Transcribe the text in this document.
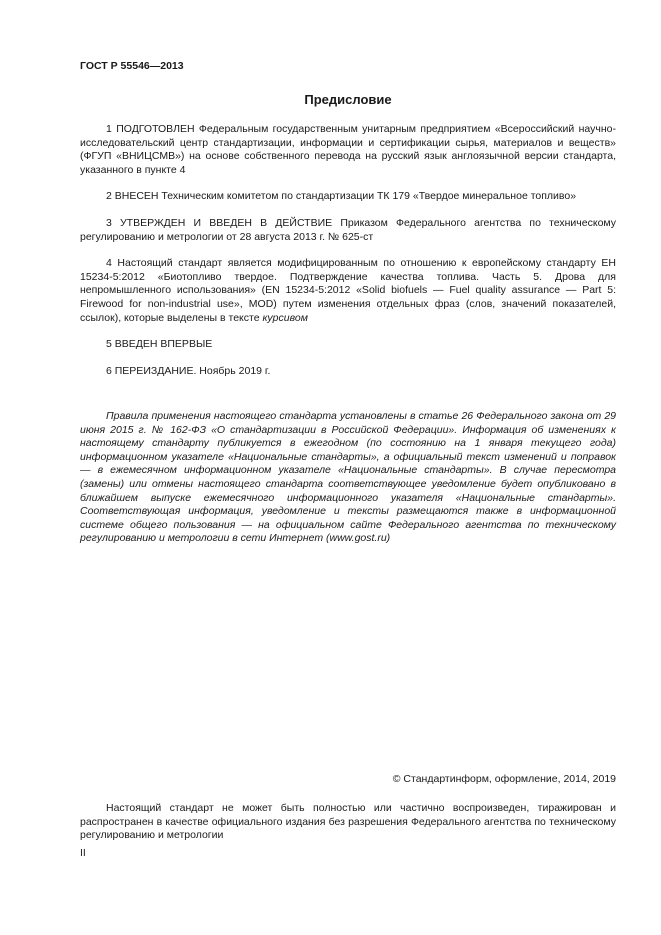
ГОСТ Р 55546—2013
Предисловие

1 ПОДГОТОВЛЕН Федеральным государственным унитарным предприятием «Всероссийский научно-исследовательский центр стандартизации, информации и сертификации сырья, материалов и веществ» (ФГУП «ВНИЦСМВ») на основе собственного перевода на русский язык англоязычной версии стандарта, указанного в пункте 4

2 ВНЕСЕН Техническим комитетом по стандартизации ТК 179 «Твердое минеральное топливо»

3 УТВЕРЖДЕН И ВВЕДЕН В ДЕЙСТВИЕ Приказом Федерального агентства по техническому регулированию и метрологии от 28 августа 2013 г. № 625-ст

4 Настоящий стандарт является модифицированным по отношению к европейскому стандарту ЕН 15234-5:2012 «Биотопливо твердое. Подтверждение качества топлива. Часть 5. Дрова для непромышленного использования» (EN 15234-5:2012 «Solid biofuels — Fuel quality assurance — Part 5: Firewood for non-industrial use», MOD) путем изменения отдельных фраз (слов, значений показателей, ссылок), которые выделены в тексте курсивом

5 ВВЕДЕН ВПЕРВЫЕ

6 ПЕРЕИЗДАНИЕ. Ноябрь 2019 г.

Правила применения настоящего стандарта установлены в статье 26 Федерального закона от 29 июня 2015 г. № 162-ФЗ «О стандартизации в Российской Федерации». Информация об изменениях к настоящему стандарту публикуется в ежегодном (по состоянию на 1 января текущего года) информационном указателе «Национальные стандарты», а официальный текст изменений и поправок — в ежемесячном информационном указателе «Национальные стандарты». В случае пересмотра (замены) или отмены настоящего стандарта соответствующее уведомление будет опубликовано в ближайшем выпуске ежемесячного информационного указателя «Национальные стандарты». Соответствующая информация, уведомление и тексты размещаются также в информационной системе общего пользования — на официальном сайте Федерального агентства по техническому регулированию и метрологии в сети Интернет (www.gost.ru)

© Стандартинформ, оформление, 2014, 2019

Настоящий стандарт не может быть полностью или частично воспроизведен, тиражирован и распространен в качестве официального издания без разрешения Федерального агентства по техническому регулированию и метрологии

II
